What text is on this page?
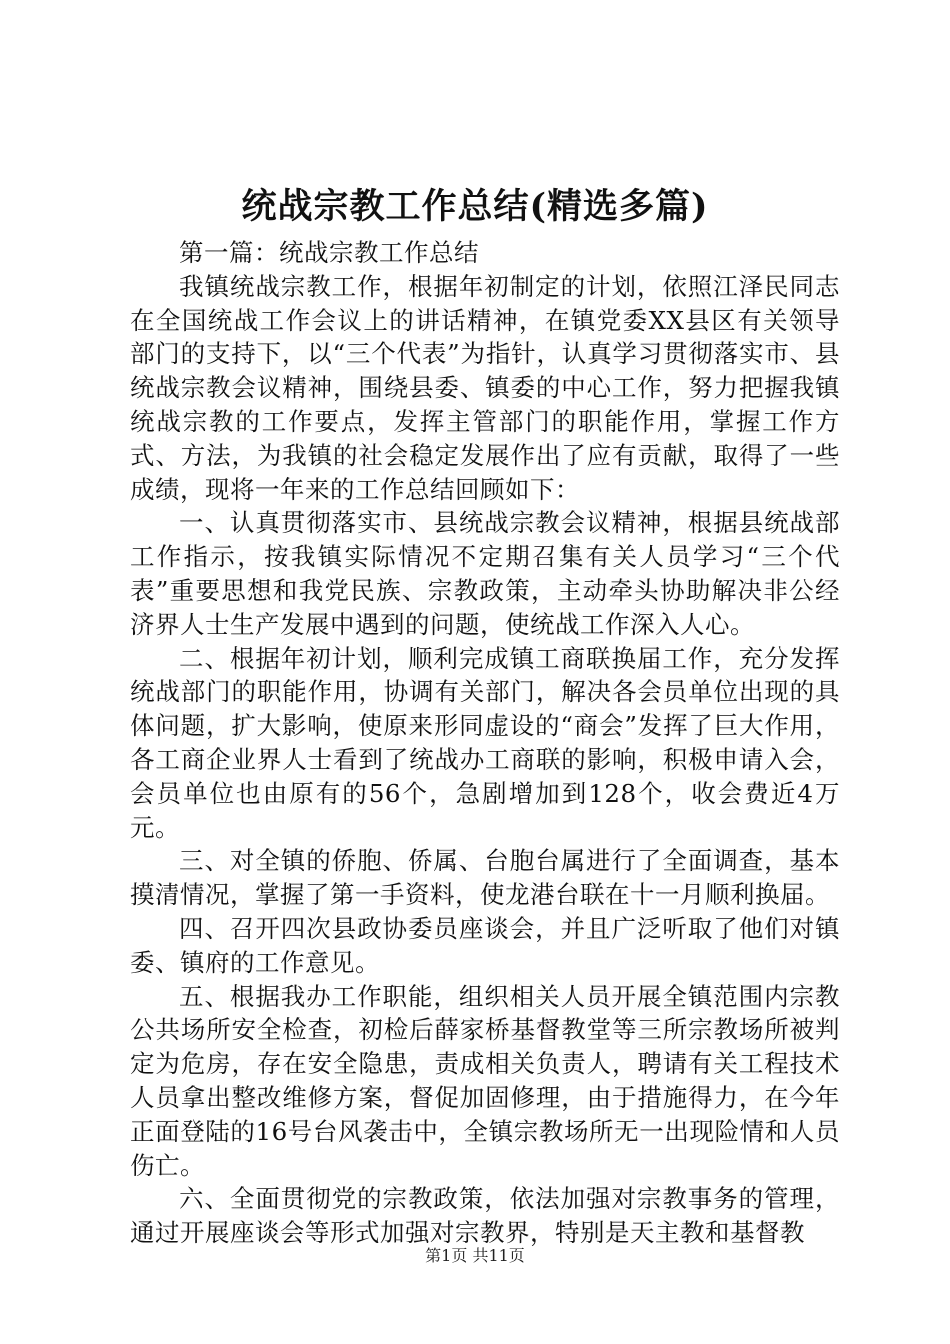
统战宗教工作总结(精选多篇)

第一篇：统战宗教工作总结

我镇统战宗教工作，根据年初制定的计划，依照江泽民同志在全国统战工作会议上的讲话精神，在镇党委XX县区有关领导部门的支持下，以“三个代表”为指针，认真学习贯彻落实市、县统战宗教会议精神，围绕县委、镇委的中心工作，努力把握我镇统战宗教的工作要点，发挥主管部门的职能作用，掌握工作方式、方法，为我镇的社会稳定发展作出了应有贡献，取得了一些成绩，现将一年来的工作总结回顾如下：

一、认真贯彻落实市、县统战宗教会议精神，根据县统战部工作指示，按我镇实际情况不定期召集有关人员学习“三个代表”重要思想和我党民族、宗教政策，主动牵头协助解决非公经济界人士生产发展中遇到的问题，使统战工作深入人心。

二、根据年初计划，顺利完成镇工商联换届工作，充分发挥统战部门的职能作用，协调有关部门，解决各会员单位出现的具体问题，扩大影响，使原来形同虚设的“商会”发挥了巨大作用，各工商企业界人士看到了统战办工商联的影响，积极申请入会，会员单位也由原有的56个，急剧增加到128个，收会费近4万元。

三、对全镇的侨胞、侨属、台胞台属进行了全面调查，基本摸清情况，掌握了第一手资料，使龙港台联在十一月顺利换届。

四、召开四次县政协委员座谈会，并且广泛听取了他们对镇委、镇府的工作意见。

五、根据我办工作职能，组织相关人员开展全镇范围内宗教公共场所安全检查，初检后薛家桥基督教堂等三所宗教场所被判定为危房，存在安全隐患，责成相关负责人，聘请有关工程技术人员拿出整改维修方案，督促加固修理，由于措施得力，在今年正面登陆的16号台风袭击中，全镇宗教场所无一出现险情和人员伤亡。

六、全面贯彻党的宗教政策，依法加强对宗教事务的管理，通过开展座谈会等形式加强对宗教界，特别是天主教和基督教

第1页 共11页
